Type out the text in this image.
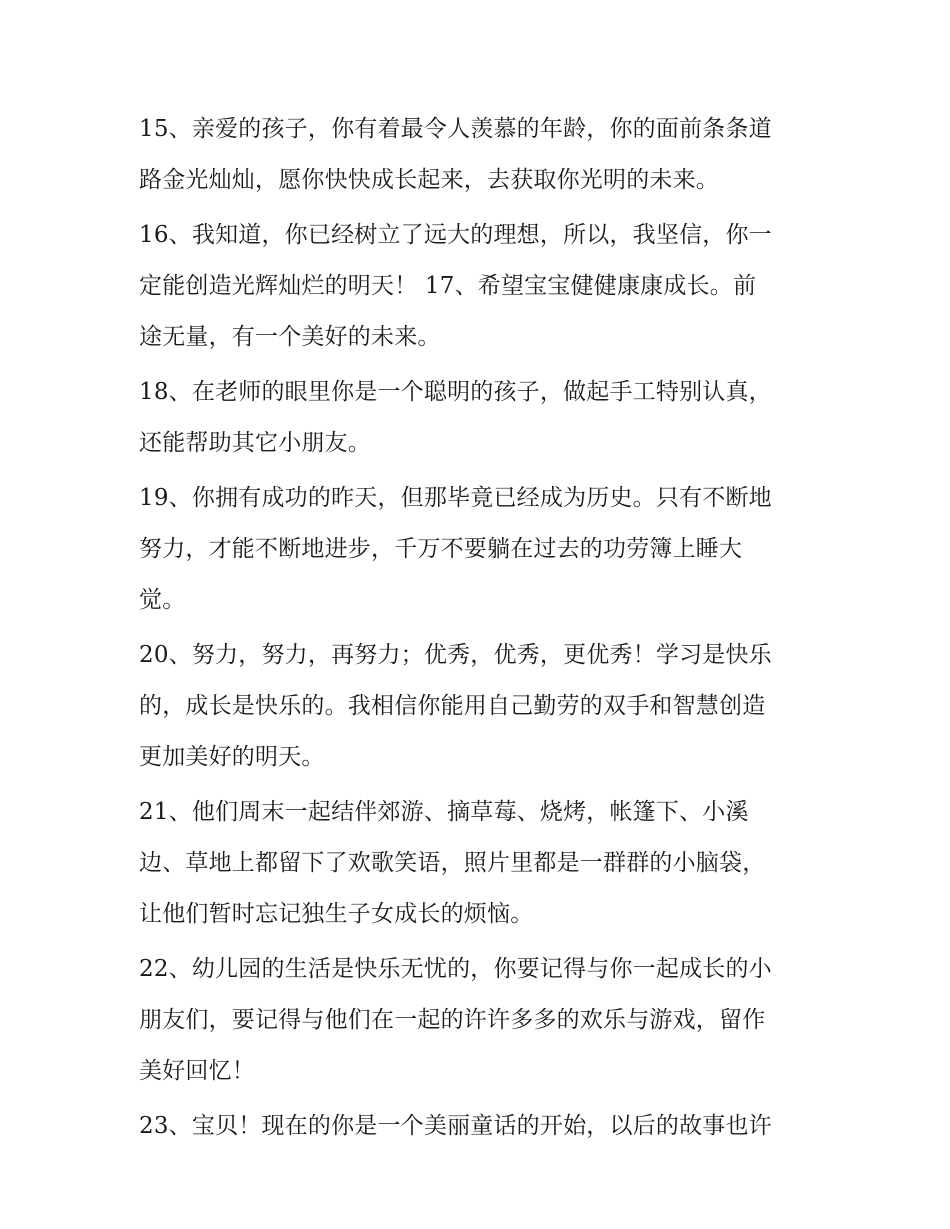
15、亲爱的孩子，你有着最令人羡慕的年龄，你的面前条条道
路金光灿灿，愿你快快成长起来，去获取你光明的未来。

16、我知道，你已经树立了远大的理想，所以，我坚信，你一
定能创造光辉灿烂的明天！ 17、希望宝宝健健康康成长。前
途无量，有一个美好的未来。

18、在老师的眼里你是一个聪明的孩子，做起手工特别认真，
还能帮助其它小朋友。

19、你拥有成功的昨天，但那毕竟已经成为历史。只有不断地
努力，才能不断地进步，千万不要躺在过去的功劳簿上睡大
觉。

20、努力，努力，再努力；优秀，优秀，更优秀！学习是快乐
的，成长是快乐的。我相信你能用自己勤劳的双手和智慧创造
更加美好的明天。

21、他们周末一起结伴郊游、摘草莓、烧烤，帐篷下、小溪
边、草地上都留下了欢歌笑语，照片里都是一群群的小脑袋，
让他们暂时忘记独生子女成长的烦恼。

22、幼儿园的生活是快乐无忧的，你要记得与你一起成长的小
朋友们，要记得与他们在一起的许许多多的欢乐与游戏，留作
美好回忆！

23、宝贝！现在的你是一个美丽童话的开始，以后的故事也许
